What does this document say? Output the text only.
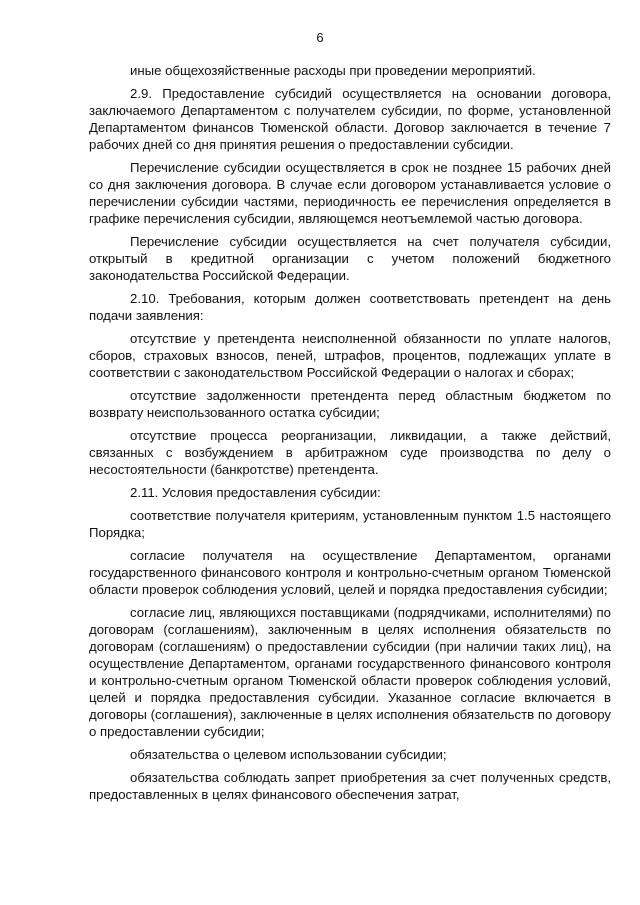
6

иные общехозяйственные расходы при проведении мероприятий.

2.9. Предоставление субсидий осуществляется на основании договора, заключаемого Департаментом с получателем субсидии, по форме, установленной Департаментом финансов Тюменской области. Договор заключается в течение 7 рабочих дней со дня принятия решения о предоставлении субсидии.

Перечисление субсидии осуществляется в срок не позднее 15 рабочих дней со дня заключения договора. В случае если договором устанавливается условие о перечислении субсидии частями, периодичность ее перечисления определяется в графике перечисления субсидии, являющемся неотъемлемой частью договора.

Перечисление субсидии осуществляется на счет получателя субсидии, открытый в кредитной организации с учетом положений бюджетного законодательства Российской Федерации.

2.10. Требования, которым должен соответствовать претендент на день подачи заявления:

отсутствие у претендента неисполненной обязанности по уплате налогов, сборов, страховых взносов, пеней, штрафов, процентов, подлежащих уплате в соответствии с законодательством Российской Федерации о налогах и сборах;

отсутствие задолженности претендента перед областным бюджетом по возврату неиспользованного остатка субсидии;

отсутствие процесса реорганизации, ликвидации, а также действий, связанных с возбуждением в арбитражном суде производства по делу о несостоятельности (банкротстве) претендента.

2.11. Условия предоставления субсидии:

соответствие получателя критериям, установленным пунктом 1.5 настоящего Порядка;

согласие получателя на осуществление Департаментом, органами государственного финансового контроля и контрольно-счетным органом Тюменской области проверок соблюдения условий, целей и порядка предоставления субсидии;

согласие лиц, являющихся поставщиками (подрядчиками, исполнителями) по договорам (соглашениям), заключенным в целях исполнения обязательств по договорам (соглашениям) о предоставлении субсидии (при наличии таких лиц), на осуществление Департаментом, органами государственного финансового контроля и контрольно-счетным органом Тюменской области проверок соблюдения условий, целей и порядка предоставления субсидии. Указанное согласие включается в договоры (соглашения), заключенные в целях исполнения обязательств по договору о предоставлении субсидии;

обязательства о целевом использовании субсидии;

обязательства соблюдать запрет приобретения за счет полученных средств, предоставленных в целях финансового обеспечения затрат,
